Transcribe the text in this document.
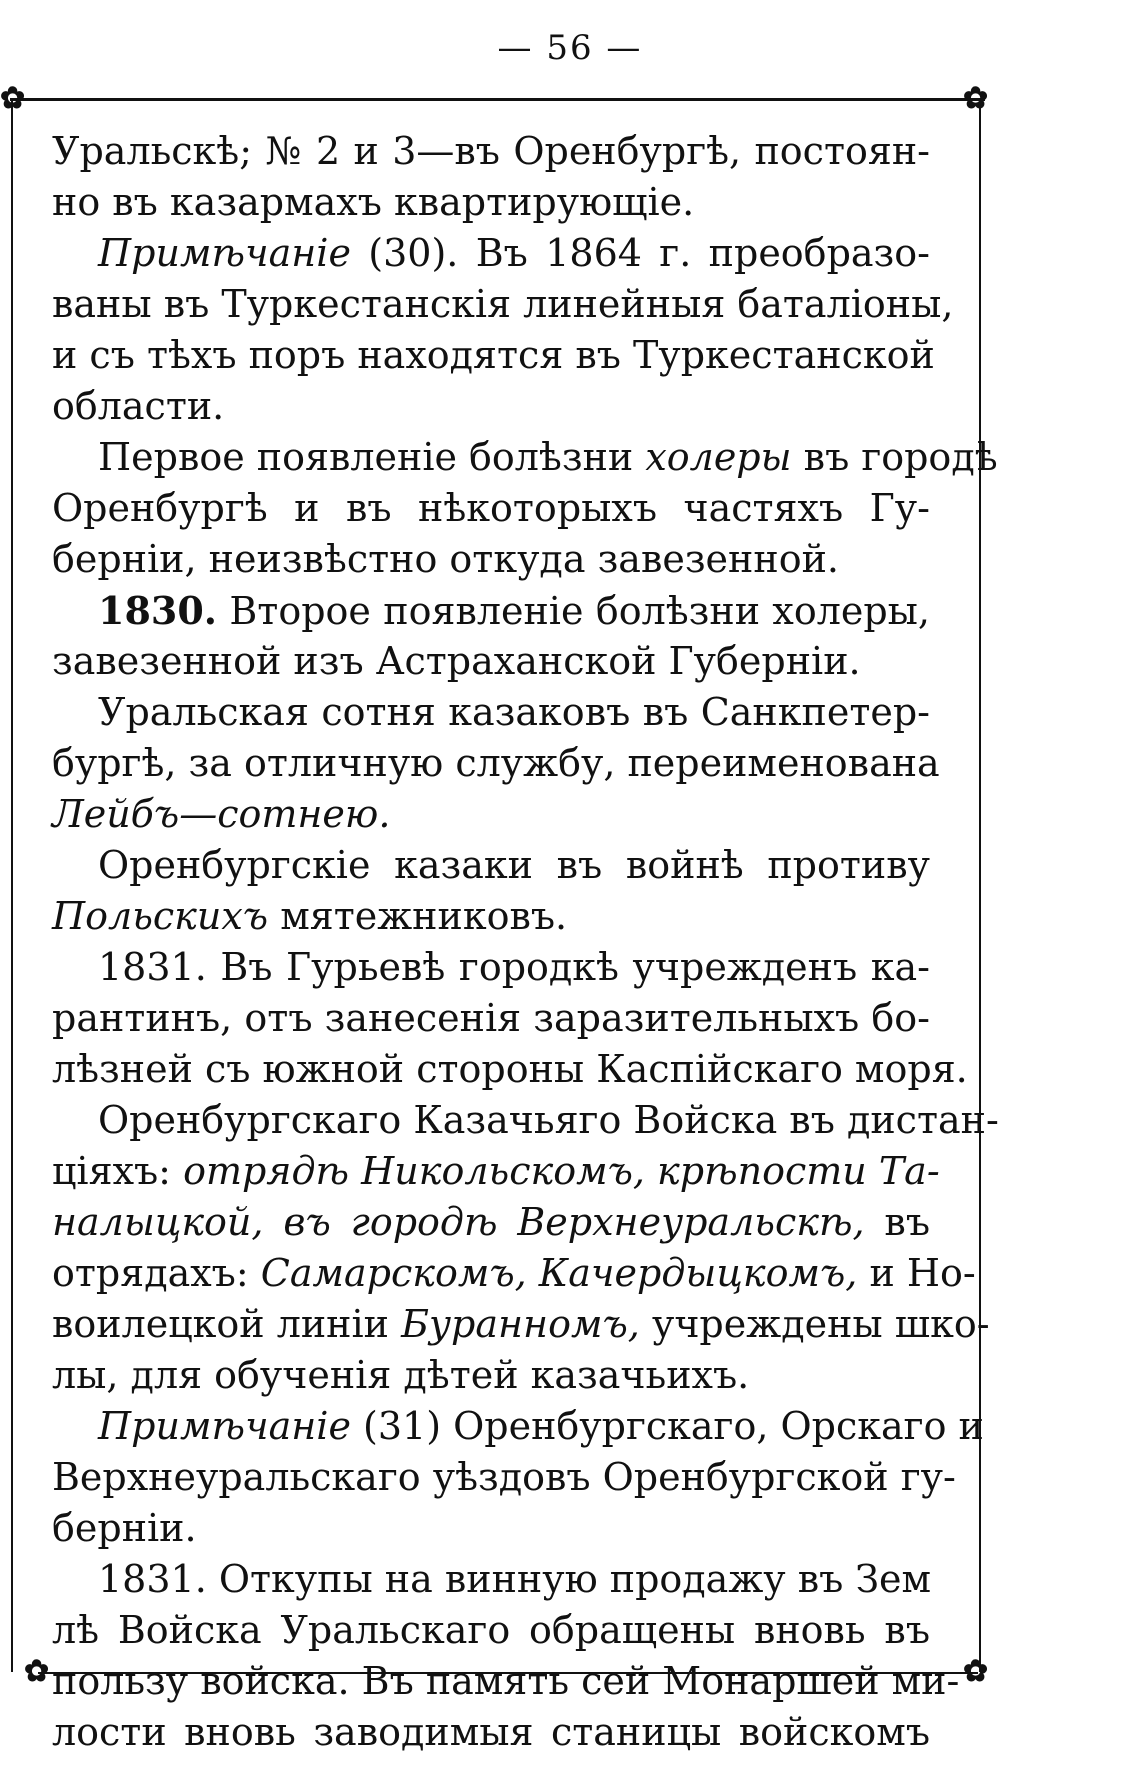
— 56 —
✿	✿
✿	✿
Уральскѣ; № 2 и 3—въ Оренбургѣ, постоян-
но въ казармахъ квартирующіе.
Примѣчаніе (30). Въ 1864 г. преобразо-
ваны въ Туркестанскія линейныя баталіоны,
и съ тѣхъ поръ находятся въ Туркестанской
области.
Первое появленіе болѣзни холеры въ городѣ
Оренбургѣ и въ нѣкоторыхъ частяхъ Гу-
берніи, неизвѣстно откуда завезенной.
1830. Второе появленіе болѣзни холеры,
завезенной изъ Астраханской Губерніи.
Уральская сотня казаковъ въ Санкпетер-
бургѣ, за отличную службу, переименована
Лейбъ—сотнею.
Оренбургскіе казаки въ войнѣ противу
Польскихъ мятежниковъ.
1831. Въ Гурьевѣ городкѣ учрежденъ ка-
рантинъ, отъ занесенія заразительныхъ бо-
лѣзней съ южной стороны Каспійскаго моря.
Оренбургскаго Казачьяго Войска въ дистан-
ціяхъ: отрядѣ Никольскомъ, крѣпости Та-
налыцкой, въ городѣ Верхнеуральскѣ, въ
отрядахъ: Самарскомъ, Качердыцкомъ, и Но-
воилецкой линіи Буранномъ, учреждены шко-
лы, для обученія дѣтей казачьихъ.
Примѣчаніе (31) Оренбургскаго, Орскаго и
Верхнеуральскаго уѣздовъ Оренбургской гу-
берніи.
1831. Откупы на винную продажу въ Зем
лѣ Войска Уральскаго обращены вновь въ
пользу войска. Въ память сей Монаршей ми-
лости вновь заводимыя станицы войскомъ
